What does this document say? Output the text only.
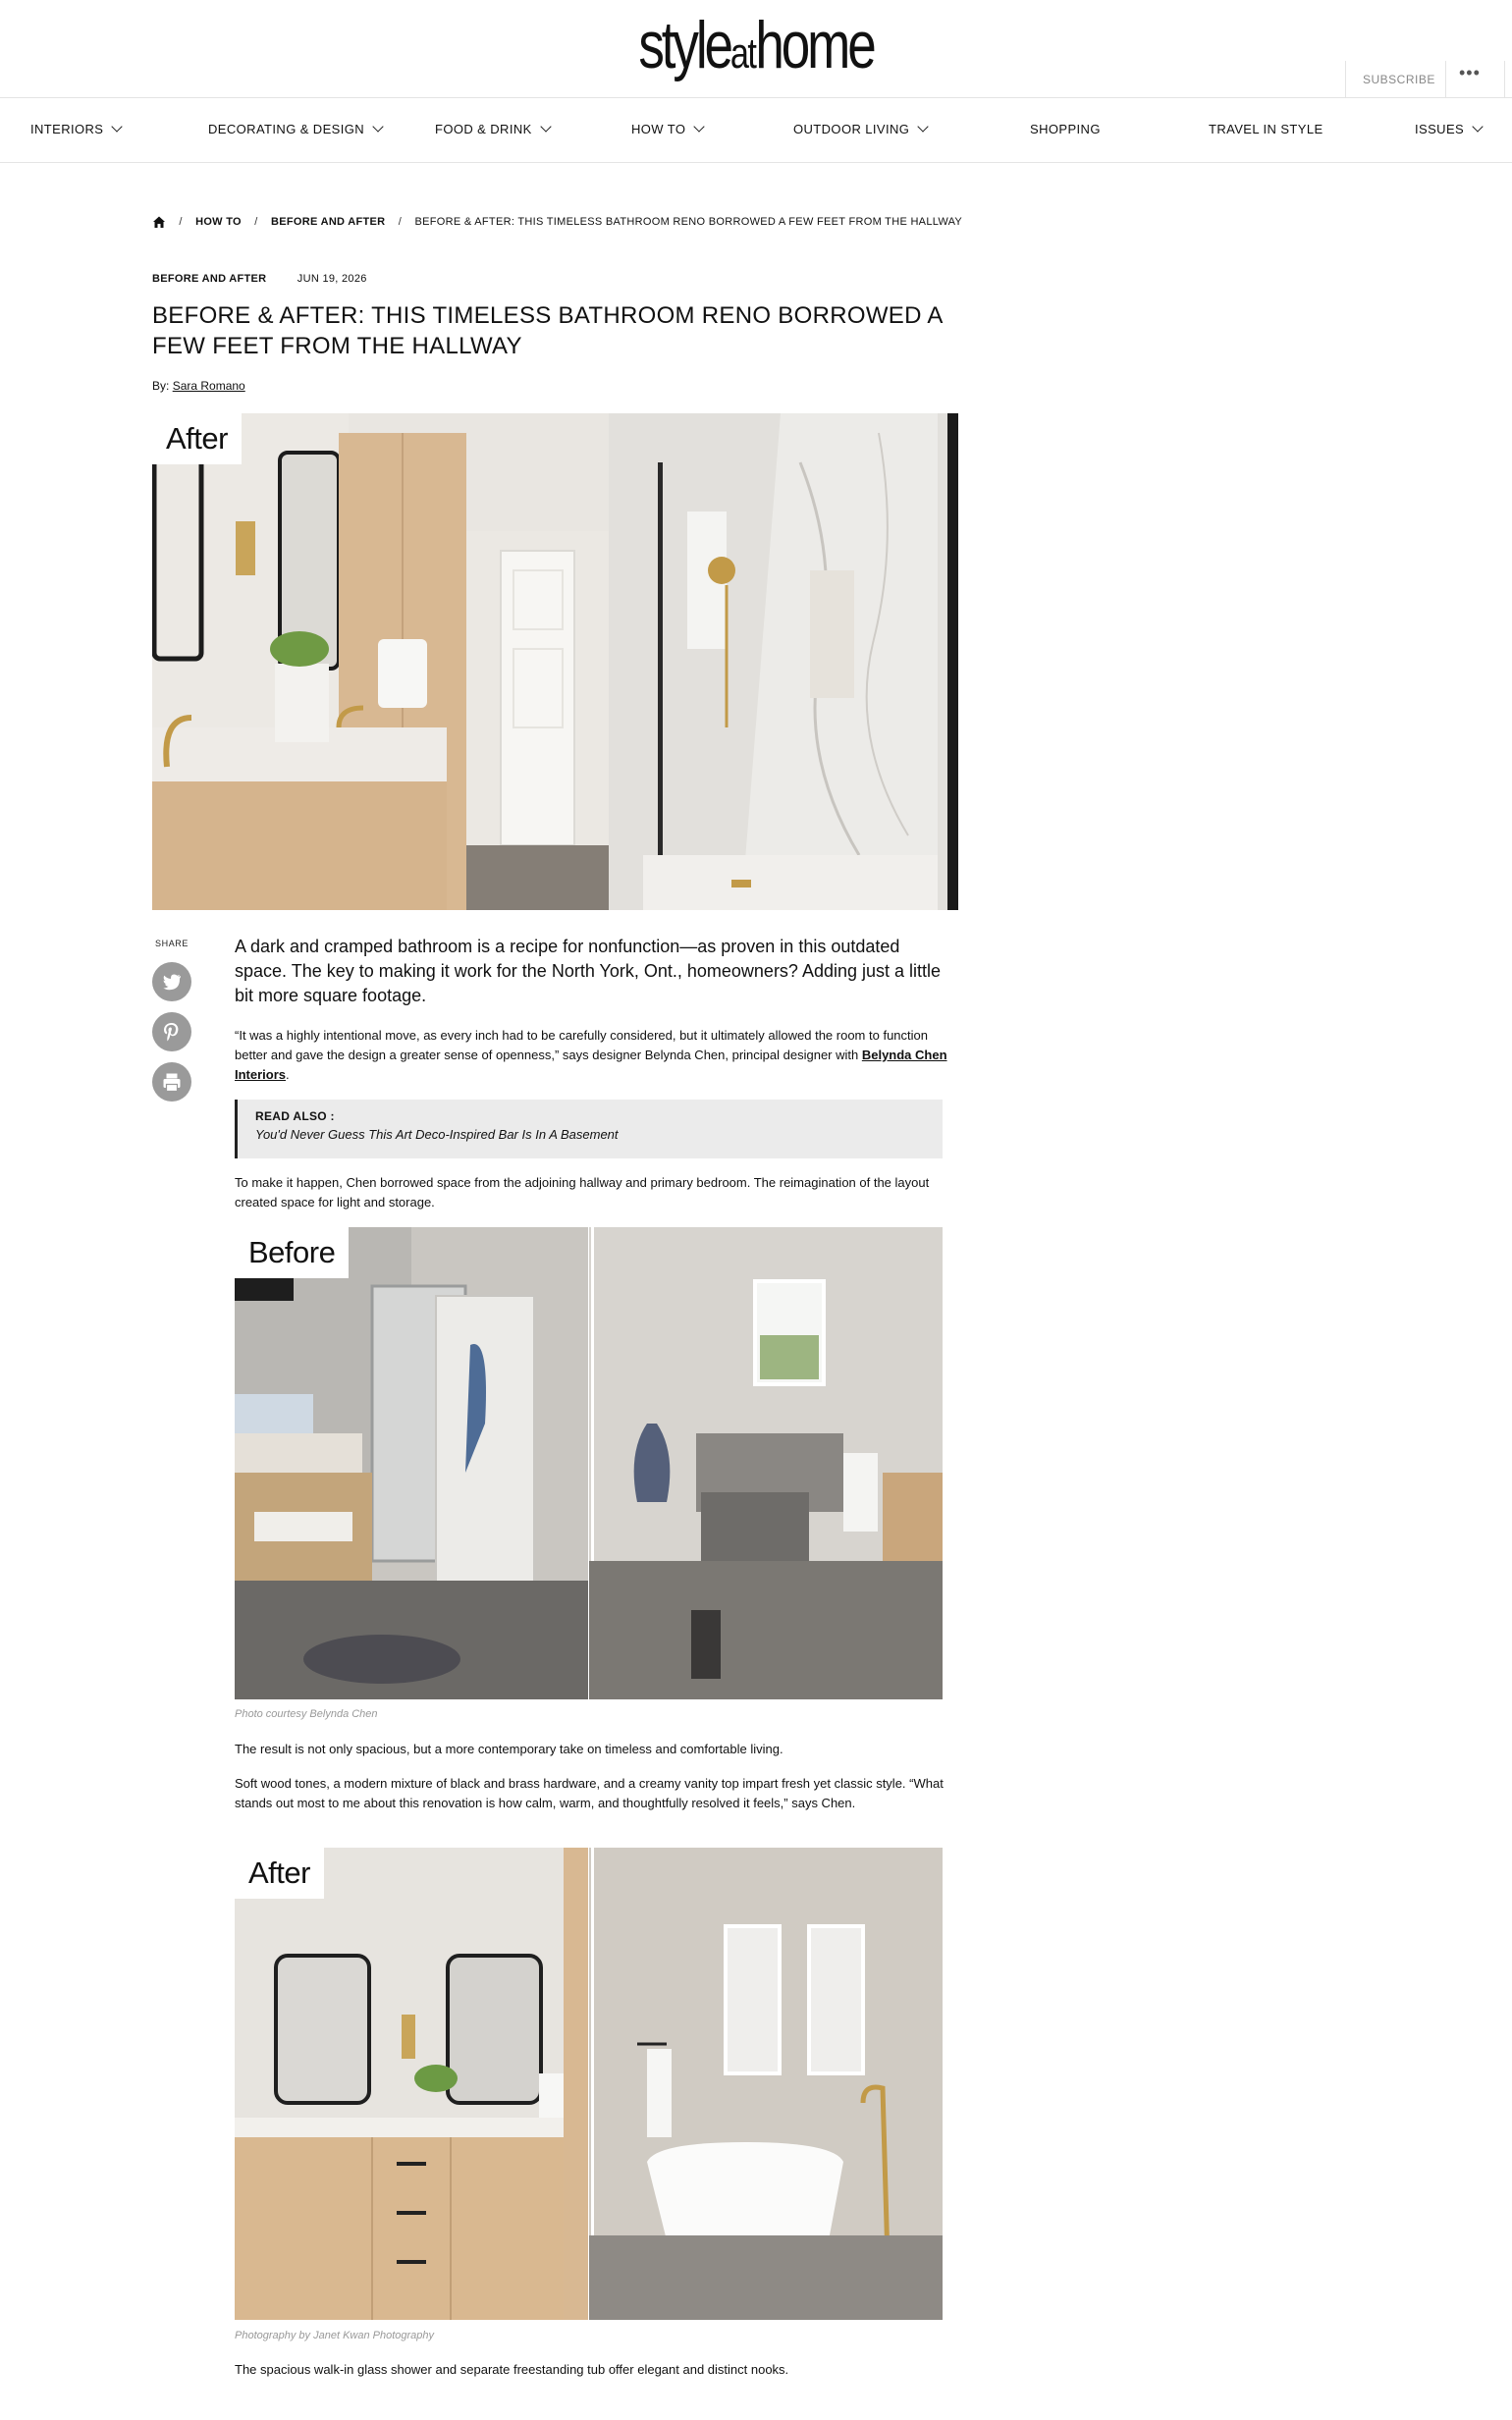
styleathome	SUBSCRIBE •••
INTERIORS	DECORATING & DESIGN	FOOD & DRINK	HOW TO	OUTDOOR LIVING	SHOPPING	TRAVEL IN STYLE	ISSUES
/ HOW TO / BEFORE AND AFTER / BEFORE & AFTER: THIS TIMELESS BATHROOM RENO BORROWED A FEW FEET FROM THE HALLWAY
BEFORE AND AFTER	JUN 19, 2026
BEFORE & AFTER: THIS TIMELESS BATHROOM RENO BORROWED A FEW FEET FROM THE HALLWAY
By: Sara Romano
After
SHARE	A dark and cramped bathroom is a recipe for nonfunction—as proven in this outdated space. The key to making it work for the North York, Ont., homeowners? Adding just a little bit more square footage.

“It was a highly intentional move, as every inch had to be carefully considered, but it ultimately allowed the room to function better and gave the design a greater sense of openness,” says designer Belynda Chen, principal designer with Belynda Chen Interiors.

READ ALSO :
You'd Never Guess This Art Deco-Inspired Bar Is In A Basement

To make it happen, Chen borrowed space from the adjoining hallway and primary bedroom. The reimagination of the layout created space for light and storage.

Before
Photo courtesy Belynda Chen

The result is not only spacious, but a more contemporary take on timeless and comfortable living.

Soft wood tones, a modern mixture of black and brass hardware, and a creamy vanity top impart fresh yet classic style. “What stands out most to me about this renovation is how calm, warm, and thoughtfully resolved it feels,” says Chen.

After
Photography by Janet Kwan Photography

The spacious walk-in glass shower and separate freestanding tub offer elegant and distinct nooks.
